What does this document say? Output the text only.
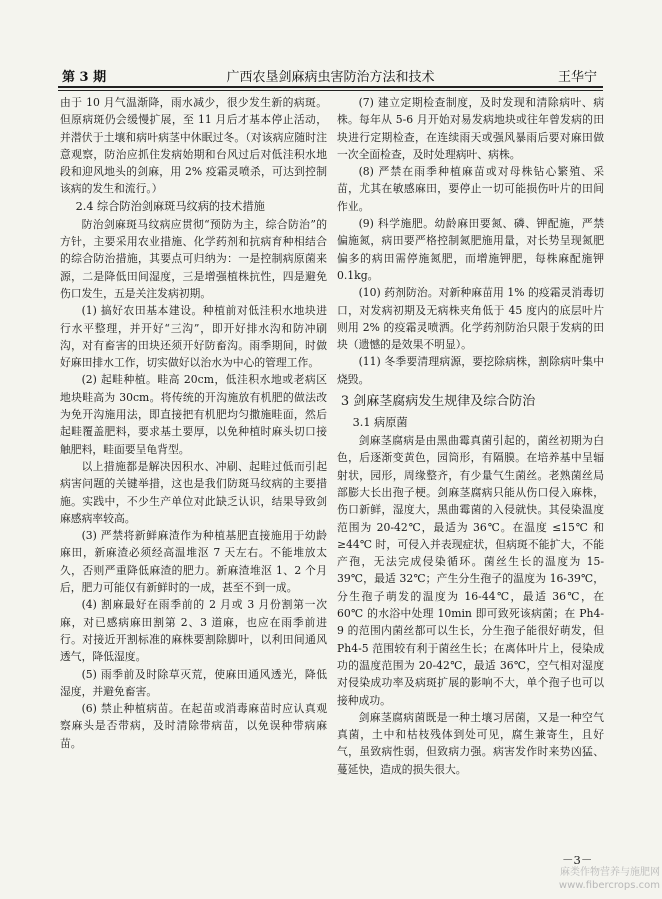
第 3 期	广西农垦剑麻病虫害防治方法和技术	王华宁

由于 10 月气温渐降，雨水减少，很少发生新的病斑。但原病斑仍会缓慢扩展，至 11 月后才基本停止活动，并潜伏于土壤和病叶病茎中休眠过冬。（对该病应随时注意观察，防治应抓住发病始期和台风过后对低洼积水地段和迎风地头的剑麻，用 2% 疫霜灵喷杀，可达到控制该病的发生和流行。）

2.4 综合防治剑麻斑马纹病的技术措施

防治剑麻斑马纹病应贯彻“预防为主，综合防治”的方针，主要采用农业措施、化学药剂和抗病育种相结合的综合防治措施，其要点可归纳为：一是控制病原菌来源，二是降低田间湿度，三是增强植株抗性，四是避免伤口发生，五是关注发病初期。

(1) 搞好农田基本建设。种植前对低洼积水地块进行水平整理，并开好“三沟”，即开好排水沟和防冲刷沟，对有畜害的田块还须开好防畜沟。雨季期间，时做好麻田排水工作，切实做好以治水为中心的管理工作。

(2) 起畦种植。畦高 20cm，低洼积水地或老病区地块畦高为 30cm。将传统的开沟施放有机肥的做法改为免开沟施用法，即直接把有机肥均匀撒施畦面，然后起畦覆盖肥料，要求基土要厚，以免种植时麻头切口接触肥料，畦面要呈龟背型。

以上措施都是解决因积水、冲刷、起畦过低而引起病害问题的关键举措，这也是我们防斑马纹病的主要措施。实践中，不少生产单位对此缺乏认识，结果导致剑麻感病率较高。

(3) 严禁将新鲜麻渣作为种植基肥直接施用于幼龄麻田，新麻渣必须经高温堆沤 7 天左右。不能堆放太久，否则严重降低麻渣的肥力。新麻渣堆沤 1、2 个月后，肥力可能仅有新鲜时的一成，甚至不到一成。

(4) 割麻最好在雨季前的 2 月或 3 月份割第一次麻，对已感病麻田割第 2、3 道麻，也应在雨季前进行。对接近开割标准的麻株要割除脚叶，以利田间通风透气，降低湿度。

(5) 雨季前及时除草灭荒，使麻田通风透光，降低湿度，并避免畜害。

(6) 禁止种植病苗。在起苗或消毒麻苗时应认真观察麻头是否带病，及时清除带病苗，以免误种带病麻苗。

(7) 建立定期检查制度，及时发现和清除病叶、病株。每年从 5-6 月开始对易发病地块或往年曾发病的田块进行定期检查，在连续雨天或强风暴雨后要对麻田做一次全面检查，及时处理病叶、病株。

(8) 严禁在雨季种植麻苗或对母株钻心繁殖、采苗，尤其在敏感麻田，要停止一切可能损伤叶片的田间作业。

(9) 科学施肥。幼龄麻田要氮、磷、钾配施，严禁偏施氮，病田要严格控制氮肥施用量，对长势呈现氮肥偏多的病田需停施氮肥，而增施钾肥，每株麻配施钾 0.1kg。

(10) 药剂防治。对新种麻苗用 1% 的疫霜灵消毒切口，对发病初期及无病株夹角低于 45 度内的底层叶片则用 2% 的疫霜灵喷洒。化学药剂防治只限于发病的田块（遗憾的是效果不明显）。

(11) 冬季要清理病源，要挖除病株，割除病叶集中烧毁。

3 剑麻茎腐病发生规律及综合防治
3.1 病原菌

剑麻茎腐病是由黑曲霉真菌引起的，菌丝初期为白色，后逐渐变黄色，园筒形，有隔膜。在培养基中呈辐射状，园形，周缘整齐，有少量气生菌丝。老熟菌丝局部膨大长出孢子梗。剑麻茎腐病只能从伤口侵入麻株，伤口新鲜，湿度大，黑曲霉菌的入侵就快。其侵染温度范围为 20-42℃，最适为 36℃。在温度 ≤15℃ 和 ≥44℃ 时，可侵入并表现症状，但病斑不能扩大，不能产孢，无法完成侵染循环。菌丝生长的温度为 15-39℃，最适 32℃；产生分生孢子的温度为 16-39℃，分生孢子萌发的温度为 16-44℃，最适 36℃，在 60℃ 的水浴中处理 10min 即可致死该病菌；在 Ph4-9 的范围内菌丝都可以生长，分生孢子能很好萌发，但 Ph4-5 范围较有利于菌丝生长；在离体叶片上，侵染成功的温度范围为 20-42℃，最适 36℃，空气相对湿度对侵染成功率及病斑扩展的影响不大，单个孢子也可以接种成功。

剑麻茎腐病菌既是一种土壤习居菌，又是一种空气真菌，土中和枯枝残体到处可见，腐生兼寄生，且好气，虽致病性弱，但致病力强。病害发作时来势凶猛、蔓延快，造成的损失很大。

－3－
麻类作物营养与施肥网 www.fibercrops.com
